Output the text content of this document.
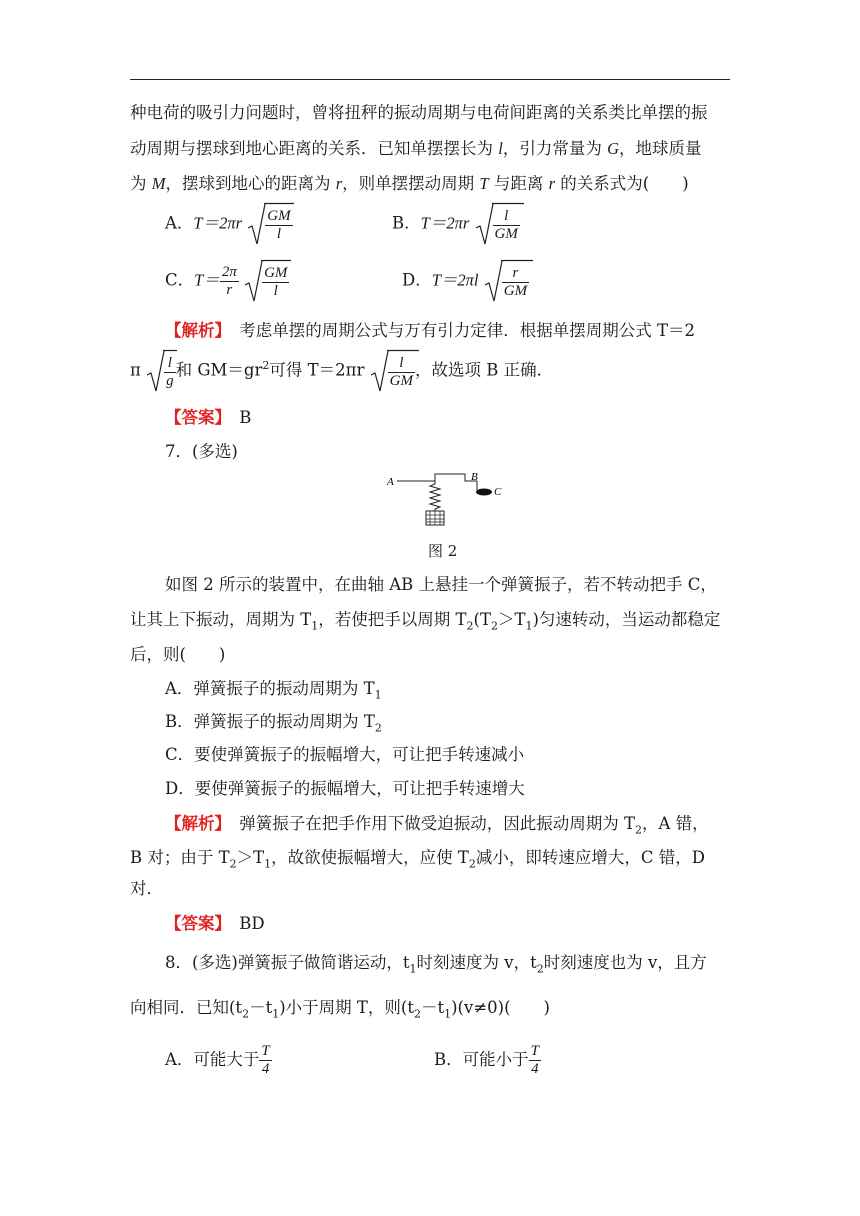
种电荷的吸引力问题时，曾将扭秤的振动周期与电荷间距离的关系类比单摆的振
动周期与摆球到地心距离的关系．已知单摆摆长为 l，引力常量为 G，地球质量
为 M，摆球到地心的距离为 r，则单摆摆动周期 T 与距离 r 的关系式为(　　)
A．$T=2\pi r \frac{GM}{l}$	B．$T=2\pi r \frac{l}{GM}$
C．$T= \frac{2\pi}{r}$
$\frac{GM}{l}$	D．$T=2\pi l \frac{r}{GM}$
【解析】　考虑单摆的周期公式与万有引力定律．根据单摆周期公式 T＝2
π $\frac{l}{g}$ 和 $GM=gr^2$可得 $T=2\pi r \frac{l}{GM}$ ，故选项 B 正确．
【答案】　 B
7．(多选)
A	B
C
图 2
如图 2 所示的装置中，在曲轴 AB 上悬挂一个弹簧振子，若不转动把手 C，
让其上下振动，周期为 $T_1$，若使把手以周期 $T_2(T_2>T_1)$匀速转动，当运动都稳定
后，则(　　)
A．弹簧振子的振动周期为 $T_1$
B．弹簧振子的振动周期为 $T_2$
C．要使弹簧振子的振幅增大，可让把手转速减小
D．要使弹簧振子的振幅增大，可让把手转速增大
【解析】　弹簧振子在把手作用下做受迫振动，因此振动周期为 $T_2$，A 错，
B 对；由于 $T_2>T_1$，故欲使振幅增大，应使 $T_2$减小，即转速应增大，C 错，D
对．
【答案】　 BD
8．(多选)弹簧振子做简谐运动，$t_1$时刻速度为 v，$t_2$时刻速度也为 v，且方
向相同．已知$(t_2-t_1)$小于周期 T，则$(t_2-t_1)(v\ne 0)$(　　)
A．可能大于 $\frac{T}{4}$	B．可能小于 $\frac{T}{4}$
